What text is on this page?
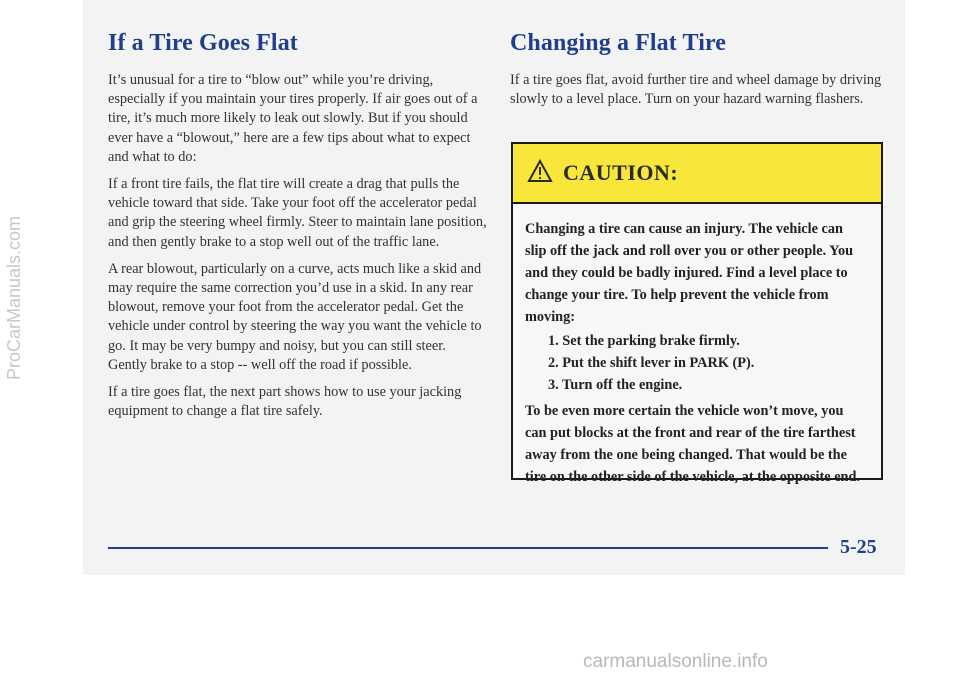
If a Tire Goes Flat

It’s unusual for a tire to “blow out” while you’re driving, especially if you maintain your tires properly. If air goes out of a tire, it’s much more likely to leak out slowly. But if you should ever have a “blowout,” here are a few tips about what to expect and what to do:

If a front tire fails, the flat tire will create a drag that pulls the vehicle toward that side. Take your foot off the accelerator pedal and grip the steering wheel firmly. Steer to maintain lane position, and then gently brake to a stop well out of the traffic lane.

A rear blowout, particularly on a curve, acts much like a skid and may require the same correction you’d use in a skid. In any rear blowout, remove your foot from the accelerator pedal. Get the vehicle under control by steering the way you want the vehicle to go. It may be very bumpy and noisy, but you can still steer. Gently brake to a stop -- well off the road if possible.

If a tire goes flat, the next part shows how to use your jacking equipment to change a flat tire safely.

Changing a Flat Tire

If a tire goes flat, avoid further tire and wheel damage by driving slowly to a level place. Turn on your hazard warning flashers.

CAUTION:

Changing a tire can cause an injury. The vehicle can slip off the jack and roll over you or other people. You and they could be badly injured. Find a level place to change your tire. To help prevent the vehicle from moving:

1. Set the parking brake firmly.
2. Put the shift lever in PARK (P).
3. Turn off the engine.

To be even more certain the vehicle won’t move, you can put blocks at the front and rear of the tire farthest away from the one being changed. That would be the tire on the other side of the vehicle, at the opposite end.

5-25
ProCarManuals.com
carmanualsonline.info
